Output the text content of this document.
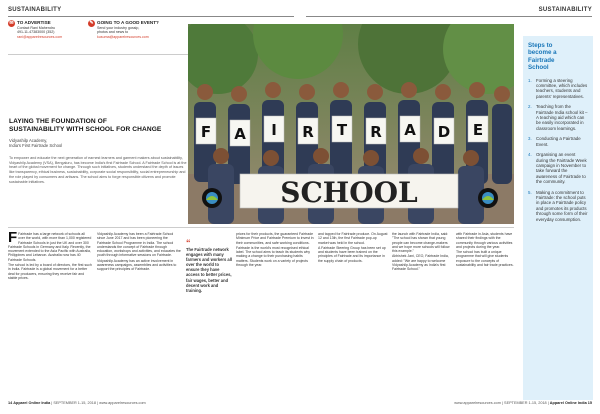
SUSTAINABILITY	SUSTAINABILITY
✉ TO ADVERTISE
Contact Rani Mahendru
491-11-47383000 (352)
rani@apparelresources.com
✎ GOING TO A GOOD EVENT?
Send your industry gossip,
photos and news to
kusuma@apparelresources.com
LAYING THE FOUNDATION OF
SUSTAINABILITY WITH SCHOOL FOR CHANGE
Vidyashilp Academy,
India's First Fairtrade School
To empower and educate the next generation of earnest learners and garment makers about sustainability, Vidyashilp Academy (VSA), Bengaluru, has become India's first Fairtrade School. A Fairtrade School is at the heart of the global movement for change. Through such initiatives, students understand the depth of issues like transparency, ethical business, sustainability, corporate social responsibility, social entrepreneurship and the role played by consumers and artisans. The school aims to forge responsible citizens and promote sustainable initiatives.
F A I R T R A D E
SCHOOL

F Fairtrade has a large network of schools all over the world, with more than 1,000 registered Fairtrade Schools in just the UK and over 300 Fairtrade Schools in Germany and Italy. Recently, the movement extended to the Asia Pacific with Australia, Philippines and Lebanon. Australia now has 40 Fairtrade Schools.

The school is led by a board of directors, the first such in India. Fairtrade is a global movement for a better deal for producers, ensuring they receive fair and stable prices.

Vidyashilp Academy has been a Fairtrade School since June 2017 and has been pioneering the Fairtrade School Programme in India. The school understands the concept of Fairtrade through education, workshops and activities, and educates the youth through informative sessions on Fairtrade.

Vidyashilp Academy has an active involvement in awareness campaigns, assemblies and activities to support the principles of Fairtrade.

“
The Fairtrade network engages with many farmers and workers all over the world to ensure they have access to better prices, fair wages, better and decent work and training.

prices for their products, the guaranteed Fairtrade Minimum Price and Fairtrade Premium to invest in their communities, and safe working conditions.

Fairtrade is the world's most recognised ethical label. The school aims to teach its students why making a change to their purchasing habits matters. Students work on a variety of projects through the year.

and tapped for Fairtrade produce. On August 12 and 13th, the first Fairtrade pop-up market was held in the school.

A Fairtrade Steering Group has been set up and students have been trained on the principles of Fairtrade and its importance in the supply chain of products.

the launch with Fairtrade India, said: "The school has shown that young people can become change-makers and we hope more schools will follow this example."

Abhishek Jani, CEO, Fairtrade India, added: "We are happy to welcome Vidyashilp Academy as India's first Fairtrade School."

with Fairtrade in Asia, students have shared their findings with the community through various activities and projects during the year.

The school has built a unique programme that will give students exposure to the concepts of sustainability and fair trade practices.

Steps to
become a
Fairtrade
School
1. Forming a steering committee, which includes teachers, students and parents' representatives.
2. Teaching from the Fairtrade India school kit – A teaching aid which can be easily incorporated in classroom learnings.
3. Conducting a Fairtrade Event.
4. Organising an event during the Fairtrade Week campaign in November to take forward the awareness of Fairtrade to the community.
5. Making a commitment to Fairtrade: the school puts in place a Fairtrade policy and promotes its products through some form of their everyday consumption.
14 Apparel Online India | SEPTEMBER 1-15, 2018 | www.apparelresources.com	www.apparelresources.com | SEPTEMBER 1-15, 2018 | Apparel Online India 15
